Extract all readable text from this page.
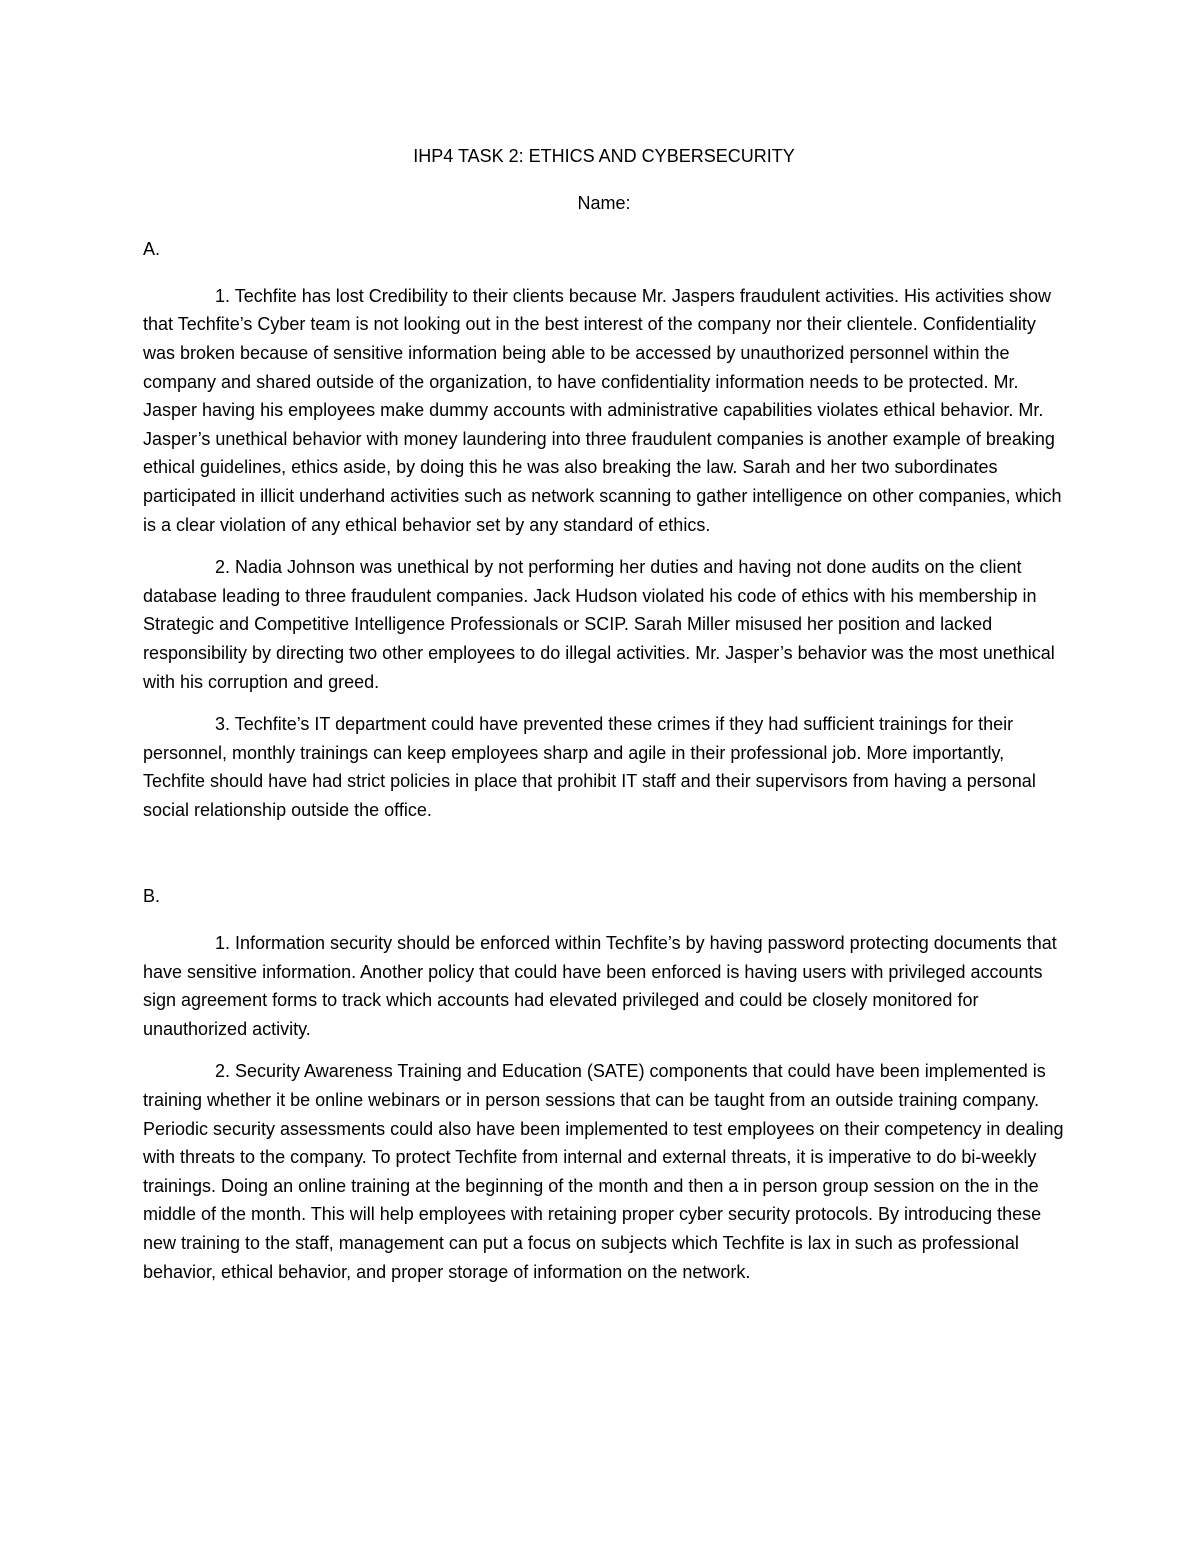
IHP4 TASK 2: ETHICS AND CYBERSECURITY
Name:
A.

1. Techfite has lost Credibility to their clients because Mr. Jaspers fraudulent activities. His activities show that Techfite’s Cyber team is not looking out in the best interest of the company nor their clientele. Confidentiality was broken because of sensitive information being able to be accessed by unauthorized personnel within the company and shared outside of the organization, to have confidentiality information needs to be protected. Mr. Jasper having his employees make dummy accounts with administrative capabilities violates ethical behavior. Mr. Jasper’s unethical behavior with money laundering into three fraudulent companies is another example of breaking ethical guidelines, ethics aside, by doing this he was also breaking the law. Sarah and her two subordinates participated in illicit underhand activities such as network scanning to gather intelligence on other companies, which is a clear violation of any ethical behavior set by any standard of ethics.

2. Nadia Johnson was unethical by not performing her duties and having not done audits on the client database leading to three fraudulent companies. Jack Hudson violated his code of ethics with his membership in Strategic and Competitive Intelligence Professionals or SCIP. Sarah Miller misused her position and lacked responsibility by directing two other employees to do illegal activities. Mr. Jasper’s behavior was the most unethical with his corruption and greed.

3. Techfite’s IT department could have prevented these crimes if they had sufficient trainings for their personnel, monthly trainings can keep employees sharp and agile in their professional job. More importantly, Techfite should have had strict policies in place that prohibit IT staff and their supervisors from having a personal social relationship outside the office.

B.

1. Information security should be enforced within Techfite’s by having password protecting documents that have sensitive information. Another policy that could have been enforced is having users with privileged accounts sign agreement forms to track which accounts had elevated privileged and could be closely monitored for unauthorized activity.

2. Security Awareness Training and Education (SATE) components that could have been implemented is training whether it be online webinars or in person sessions that can be taught from an outside training company. Periodic security assessments could also have been implemented to test employees on their competency in dealing with threats to the company. To protect Techfite from internal and external threats, it is imperative to do bi-weekly trainings. Doing an online training at the beginning of the month and then a in person group session on the in the middle of the month. This will help employees with retaining proper cyber security protocols. By introducing these new training to the staff, management can put a focus on subjects which Techfite is lax in such as professional behavior, ethical behavior, and proper storage of information on the network.
